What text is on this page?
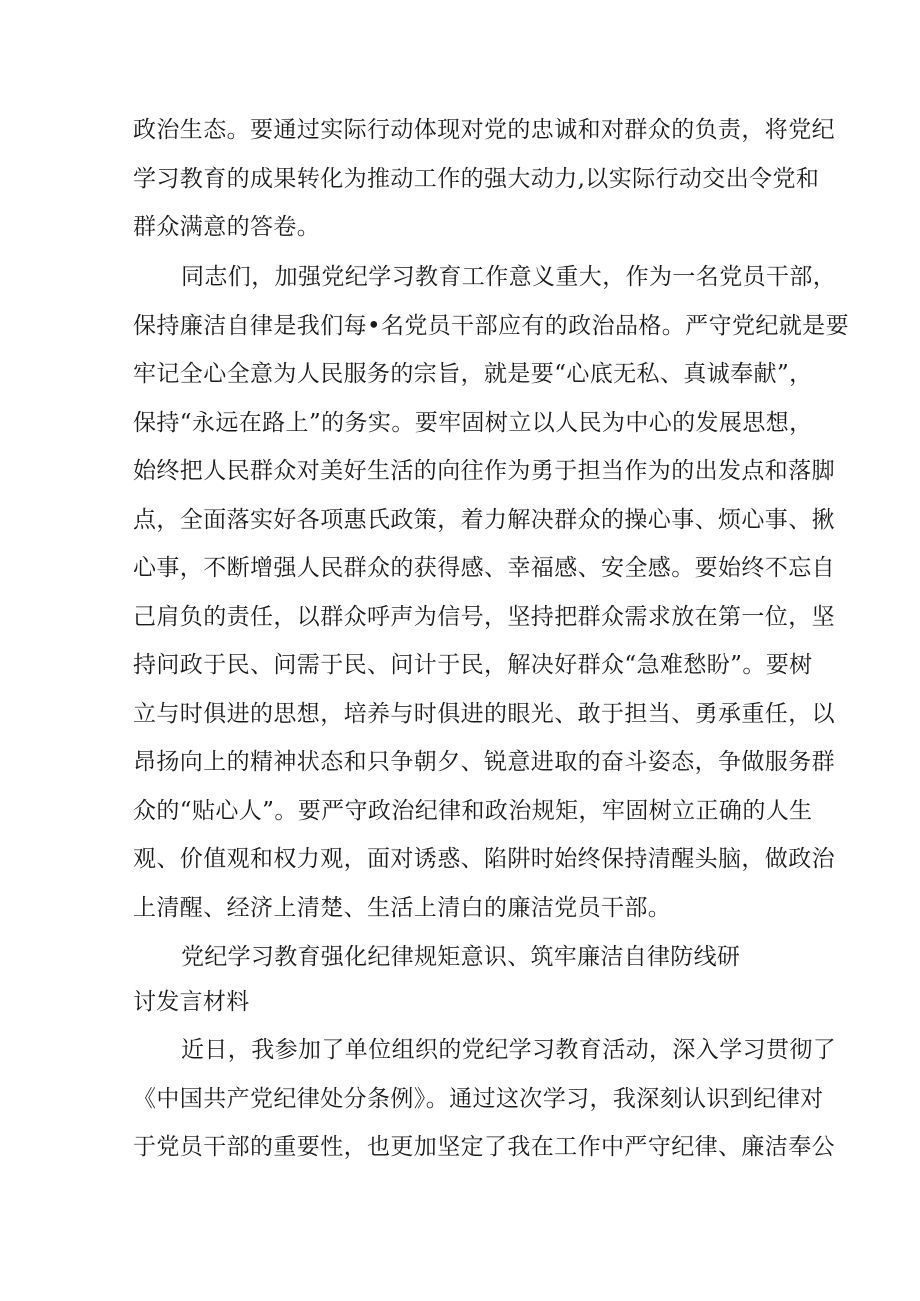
政治生态。要通过实际行动体现对党的忠诚和对群众的负责，将党纪
学习教育的成果转化为推动工作的强大动力,以实际行动交出令党和
群众满意的答卷。
同志们，加强党纪学习教育工作意义重大，作为一名党员干部，
保持廉洁自律是我们每•名党员干部应有的政治品格。严守党纪就是要
牢记全心全意为人民服务的宗旨，就是要“心底无私、真诚奉献”，
保持“永远在路上”的务实。要牢固树立以人民为中心的发展思想，
始终把人民群众对美好生活的向往作为勇于担当作为的出发点和落脚
点，全面落实好各项惠氏政策，着力解决群众的操心事、烦心事、揪
心事，不断增强人民群众的获得感、幸福感、安全感。要始终不忘自
己肩负的责任，以群众呼声为信号，坚持把群众需求放在第一位，坚
持问政于民、问需于民、问计于民，解决好群众“急难愁盼”。要树
立与时俱进的思想，培养与时俱进的眼光、敢于担当、勇承重任，以
昂扬向上的精神状态和只争朝夕、锐意进取的奋斗姿态，争做服务群
众的“贴心人”。要严守政治纪律和政治规矩，牢固树立正确的人生
观、价值观和权力观，面对诱惑、陷阱时始终保持清醒头脑，做政治
上清醒、经济上清楚、生活上清白的廉洁党员干部。
党纪学习教育强化纪律规矩意识、筑牢廉洁自律防线研
讨发言材料
近日，我参加了单位组织的党纪学习教育活动，深入学习贯彻了
《中国共产党纪律处分条例》。通过这次学习，我深刻认识到纪律对
于党员干部的重要性，也更加坚定了我在工作中严守纪律、廉洁奉公
